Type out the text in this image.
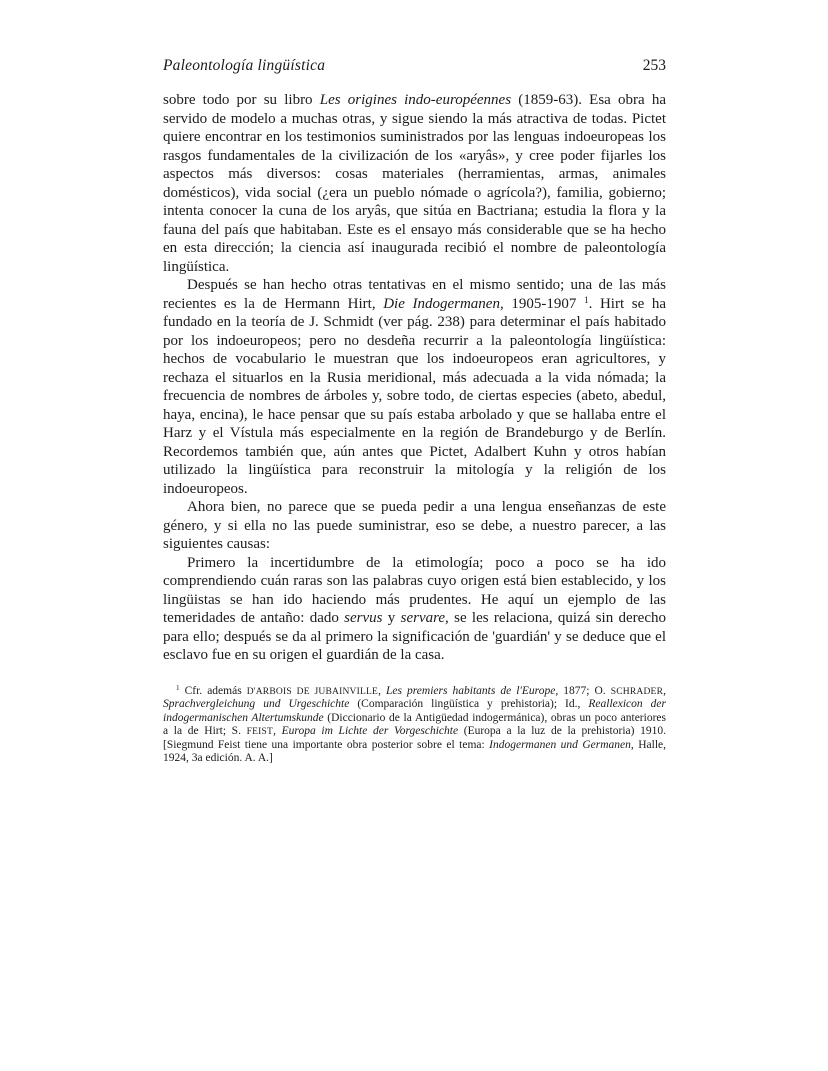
Paleontología lingüística	253

sobre todo por su libro Les origines indo-européennes (1859-63). Esa obra ha servido de modelo a muchas otras, y sigue siendo la más atractiva de todas. Pictet quiere encontrar en los testimonios suministrados por las lenguas indoeuropeas los rasgos fundamentales de la civilización de los «aryâs», y cree poder fijarles los aspectos más diversos: cosas materiales (herramientas, armas, animales domésticos), vida social (¿era un pueblo nómade o agrícola?), familia, gobierno; intenta conocer la cuna de los aryâs, que sitúa en Bactriana; estudia la flora y la fauna del país que habitaban. Este es el ensayo más considerable que se ha hecho en esta dirección; la ciencia así inaugurada recibió el nombre de paleontología lingüística.

Después se han hecho otras tentativas en el mismo sentido; una de las más recientes es la de Hermann Hirt, Die Indogermanen, 1905-1907 $^1$. Hirt se ha fundado en la teoría de J. Schmidt (ver pág. 238) para determinar el país habitado por los indoeuropeos; pero no desdeña recurrir a la paleontología lingüística: hechos de vocabulario le muestran que los indoeuropeos eran agricultores, y rechaza el situarlos en la Rusia meridional, más adecuada a la vida nómada; la frecuencia de nombres de árboles y, sobre todo, de ciertas especies (abeto, abedul, haya, encina), le hace pensar que su país estaba arbolado y que se hallaba entre el Harz y el Vístula más especialmente en la región de Brandeburgo y de Berlín. Recordemos también que, aún antes que Pictet, Adalbert Kuhn y otros habían utilizado la lingüística para reconstruir la mitología y la religión de los indoeuropeos.

Ahora bien, no parece que se pueda pedir a una lengua enseñanzas de este género, y si ella no las puede suministrar, eso se debe, a nuestro parecer, a las siguientes causas:

Primero la incertidumbre de la etimología; poco a poco se ha ido comprendiendo cuán raras son las palabras cuyo origen está bien establecido, y los lingüistas se han ido haciendo más prudentes. He aquí un ejemplo de las temeridades de antaño: dado servus y servare, se les relaciona, quizá sin derecho para ello; después se da al primero la significación de 'guardián' y se deduce que el esclavo fue en su origen el guardián de la casa.

$^1$ Cfr. además D'ARBOIS DE JUBAINVILLE, Les premiers habitants de l'Europe, 1877; O. SCHRADER, Sprachvergleichung und Urgeschichte (Comparación lingüística y prehistoria); Id., Reallexicon der indogermanischen Altertumskunde (Diccionario de la Antigüedad indogermánica), obras un poco anteriores a la de Hirt; S. FEIST, Europa im Lichte der Vorgeschichte (Europa a la luz de la prehistoria) 1910. [Siegmund Feist tiene una importante obra posterior sobre el tema: Indogermanen und Germanen, Halle, 1924, 3a edición. A. A.]
